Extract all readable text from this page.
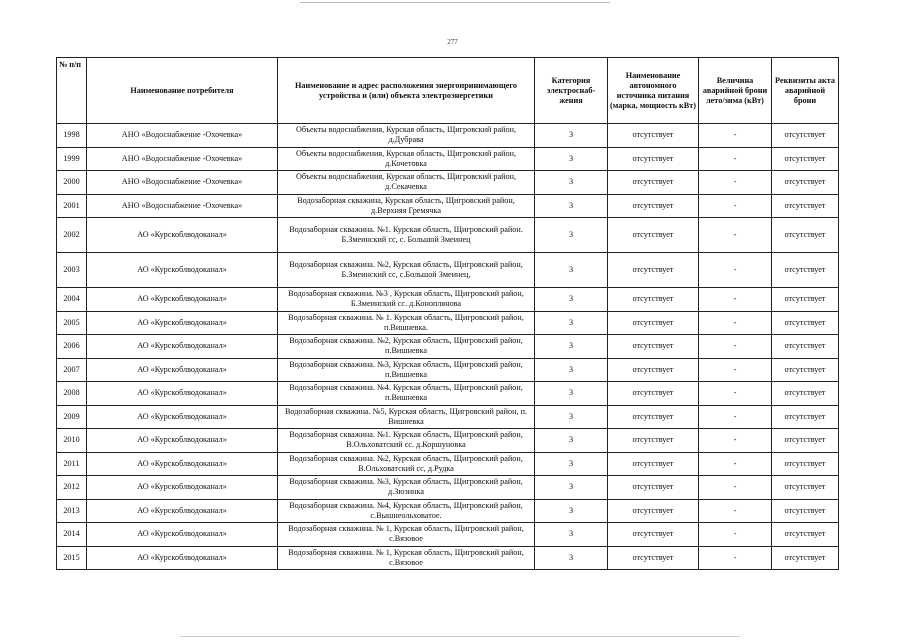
277
№ п/п	Наименование потребителя	Наименование и адрес расположения энергопринимающего устройства и (или) объекта электроэнергетики	Категория электроснаб-жения	Наименование автономного источника питания (марка, мощность кВт)	Величина аварийной брони лето/зима (кВт)	Реквизиты акта аварийной брони
1998	АНО «Водоснабжение -Охочевка»	Объекты водоснабжения, Курская область, Щигровский район, д.Дубрава	3	отсутствует	-	отсутствует
1999	АНО «Водоснабжение -Охочевка»	Объекты водоснабжения, Курская область, Щигровский район, д.Кочетовка	3	отсутствует	-	отсутствует
2000	АНО «Водоснабжение -Охочевка»	Объекты водоснабжения, Курская область, Щигровский район, д.Секачевка	3	отсутствует	-	отсутствует
2001	АНО «Водоснабжение -Охочевка»	Водозаборная скважина, Курская область, Щигровский район, д.Верхняя Гремячка	3	отсутствует	-	отсутствует
2002	АО «Курскоблводоканал»	Водозаборная скважина. №1. Курская область, Щигровский район. Б.Змеинский сс, с. Большой Змеинец	3	отсутствует	-	отсутствует
2003	АО «Курскоблводоканал»	Водозаборная скважина. №2, Курская область, Щигровский район, Б.Змеинский сс, с.Большой Змеинец,	3	отсутствует	-	отсутствует
2004	АО «Курскоблводоканал»	Водозаборная скважина. №3 , Курская область, Щигровский район, Б.Змеинский сс. д.Коноплянова	3	отсутствует	-	отсутствует
2005	АО «Курскоблводоканал»	Водозаборная скважина. № 1. Курская область, Щигровский район, п.Вишневка.	3	отсутствует	-	отсутствует
2006	АО «Курскоблводоканал»	Водозаборная скважина. №2, Курская область, Щигровский район, п.Вишневка	3	отсутствует	-	отсутствует
2007	АО «Курскоблводоканал»	Водозаборная скважина. №3, Курская область, Щигровский район, п.Вишневка	3	отсутствует	-	отсутствует
2008	АО «Курскоблводоканал»	Водозаборная скважина. №4. Курская область, Щигровский район, п.Вишневка	3	отсутствует	-	отсутствует
2009	АО «Курскоблводоканал»	Водозаборная скважина. №5, Курская область, Щигровский район, п. Вишневка	3	отсутствует	-	отсутствует
2010	АО «Курскоблводоканал»	Водозаборная скважина. №1. Курская область, Щигровский район, В.Ольховатский сс. д.Коршуновка	3	отсутствует	-	отсутствует
2011	АО «Курскоблводоканал»	Водозаборная скважина. №2, Курская область, Щигровский район, В.Ольховатский сс, д.Рудка	3	отсутствует	-	отсутствует
2012	АО «Курскоблводоканал»	Водозаборная скважина. №3, Курская область, Щигровский район, д.Зюзинка	3	отсутствует	-	отсутствует
2013	АО «Курскоблводоканал»	Водозаборная скважина. №4, Курская область, Щигровский район, с.Вышнеольховатое.	3	отсутствует	-	отсутствует
2014	АО «Курскоблводоканал»	Водозаборная скважина. № 1, Курская область, Щигровский район, с.Вязовое	3	отсутствует	-	отсутствует
2015	АО «Курскоблводоканал»	Водозаборная скважина. № 1, Курская область, Щигровский район, с.Вязовое	3	отсутствует	-	отсутствует
